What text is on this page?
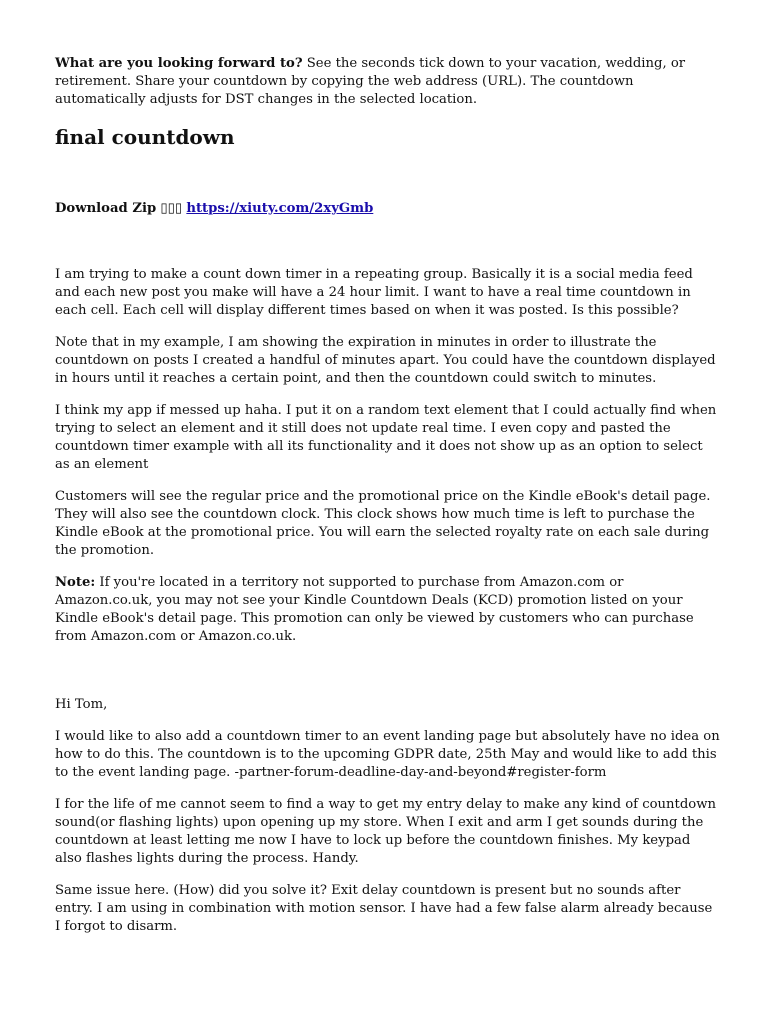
What are you looking forward to? See the seconds tick down to your vacation, wedding, or retirement. Share your countdown by copying the web address (URL). The countdown automatically adjusts for DST changes in the selected location.

final countdown
Download Zip ▯▯▯ https://xiuty.com/2xyGmb

I am trying to make a count down timer in a repeating group. Basically it is a social media feed and each new post you make will have a 24 hour limit. I want to have a real time countdown in each cell. Each cell will display different times based on when it was posted. Is this possible?

Note that in my example, I am showing the expiration in minutes in order to illustrate the countdown on posts I created a handful of minutes apart. You could have the countdown displayed in hours until it reaches a certain point, and then the countdown could switch to minutes.

I think my app if messed up haha. I put it on a random text element that I could actually find when trying to select an element and it still does not update real time. I even copy and pasted the countdown timer example with all its functionality and it does not show up as an option to select as an element

Customers will see the regular price and the promotional price on the Kindle eBook's detail page. They will also see the countdown clock. This clock shows how much time is left to purchase the Kindle eBook at the promotional price. You will earn the selected royalty rate on each sale during the promotion.

Note: If you're located in a territory not supported to purchase from Amazon.com or Amazon.co.uk, you may not see your Kindle Countdown Deals (KCD) promotion listed on your Kindle eBook's detail page. This promotion can only be viewed by customers who can purchase from Amazon.com or Amazon.co.uk.

Hi Tom,

I would like to also add a countdown timer to an event landing page but absolutely have no idea on how to do this. The countdown is to the upcoming GDPR date, 25th May and would like to add this to the event landing page. -partner-forum-deadline-day-and-beyond#register-form

I for the life of me cannot seem to find a way to get my entry delay to make any kind of countdown sound(or flashing lights) upon opening up my store. When I exit and arm I get sounds during the countdown at least letting me now I have to lock up before the countdown finishes. My keypad also flashes lights during the process. Handy.

Same issue here. (How) did you solve it? Exit delay countdown is present but no sounds after entry. I am using in combination with motion sensor. I have had a few false alarm already because I forgot to disarm.
